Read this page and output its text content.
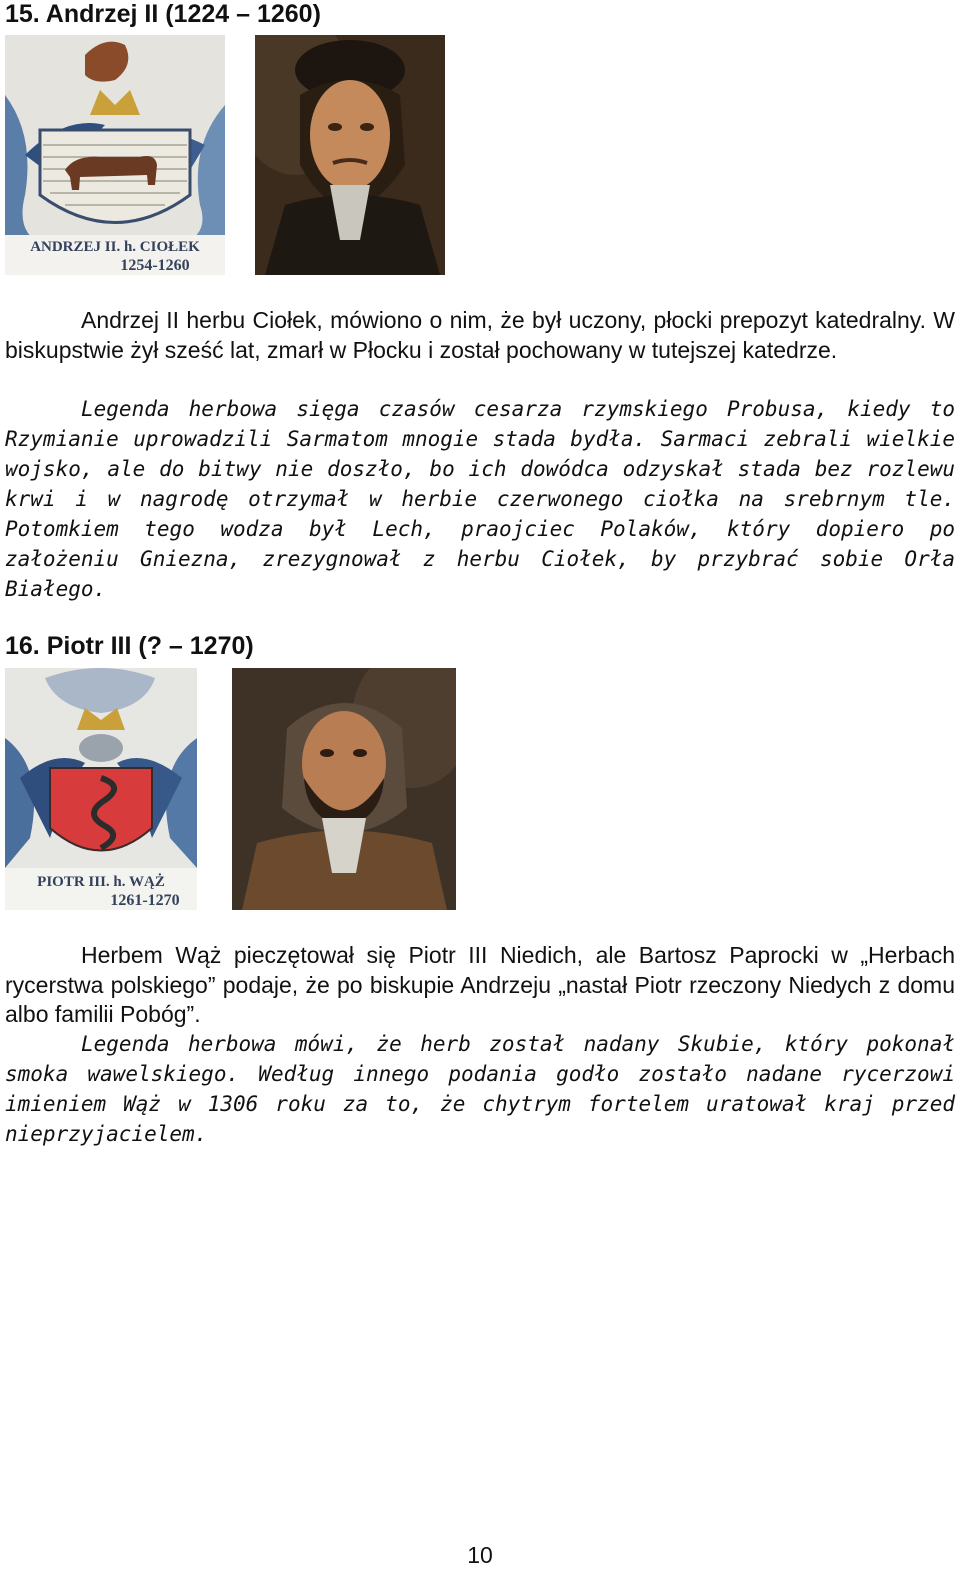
15. Andrzej II (1224 – 1260)
ANDRZEJ II. h. CIOŁEK
1254-1260

Andrzej II herbu Ciołek, mówiono o nim, że był uczony, płocki prepozyt katedralny. W biskupstwie żył sześć lat, zmarł w Płocku i został pochowany w tutejszej katedrze.

Legenda herbowa sięga czasów cesarza rzymskiego Probusa, kiedy to Rzymianie uprowadzili Sarmatom mnogie stada bydła. Sarmaci zebrali wielkie wojsko, ale do bitwy nie doszło, bo ich dowódca odzyskał stada bez rozlewu krwi i w nagrodę otrzymał w herbie czerwonego ciołka na srebrnym tle. Potomkiem tego wodza był Lech, praojciec Polaków, który dopiero po założeniu Gniezna, zrezygnował z herbu Ciołek, by przybrać sobie Orła Białego.

16. Piotr III (? – 1270)
PIOTR III. h. WĄŻ
1261-1270

Herbem Wąż pieczętował się Piotr III Niedich, ale Bartosz Paprocki w „Herbach rycerstwa polskiego” podaje, że po biskupie Andrzeju „nastał Piotr rzeczony Niedych z domu albo familii Pobóg”.

Legenda herbowa mówi, że herb został nadany Skubie, który pokonał smoka wawelskiego. Według innego podania godło zostało nadane rycerzowi imieniem Wąż w 1306 roku za to, że chytrym fortelem uratował kraj przed nieprzyjacielem.

10
